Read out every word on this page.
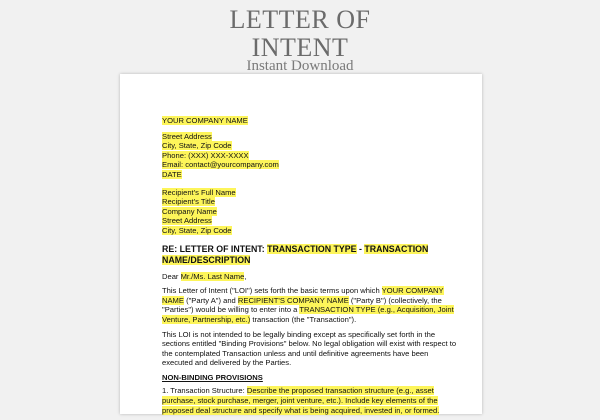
LETTER OF
INTENT
Instant Download
YOUR COMPANY NAME
Street Address
City, State, Zip Code
Phone: (XXX) XXX-XXXX
Email: contact@yourcompany.com
DATE
Recipient's Full Name
Recipient's Title
Company Name
Street Address
City, State, Zip Code
RE: LETTER OF INTENT: TRANSACTION TYPE - TRANSACTION
NAME/DESCRIPTION

Dear Mr./Ms. Last Name,

This Letter of Intent ("LOI") sets forth the basic terms upon which YOUR COMPANY
NAME ("Party A") and RECIPIENT'S COMPANY NAME ("Party B") (collectively, the
"Parties") would be willing to enter into a TRANSACTION TYPE (e.g., Acquisition, Joint
Venture, Partnership, etc.) transaction (the "Transaction").

This LOI is not intended to be legally binding except as specifically set forth in the
sections entitled "Binding Provisions" below. No legal obligation will exist with respect to
the contemplated Transaction unless and until definitive agreements have been
executed and delivered by the Parties.

NON-BINDING PROVISIONS

1. Transaction Structure: Describe the proposed transaction structure (e.g., asset
purchase, stock purchase, merger, joint venture, etc.). Include key elements of the
proposed deal structure and specify what is being acquired, invested in, or formed.
